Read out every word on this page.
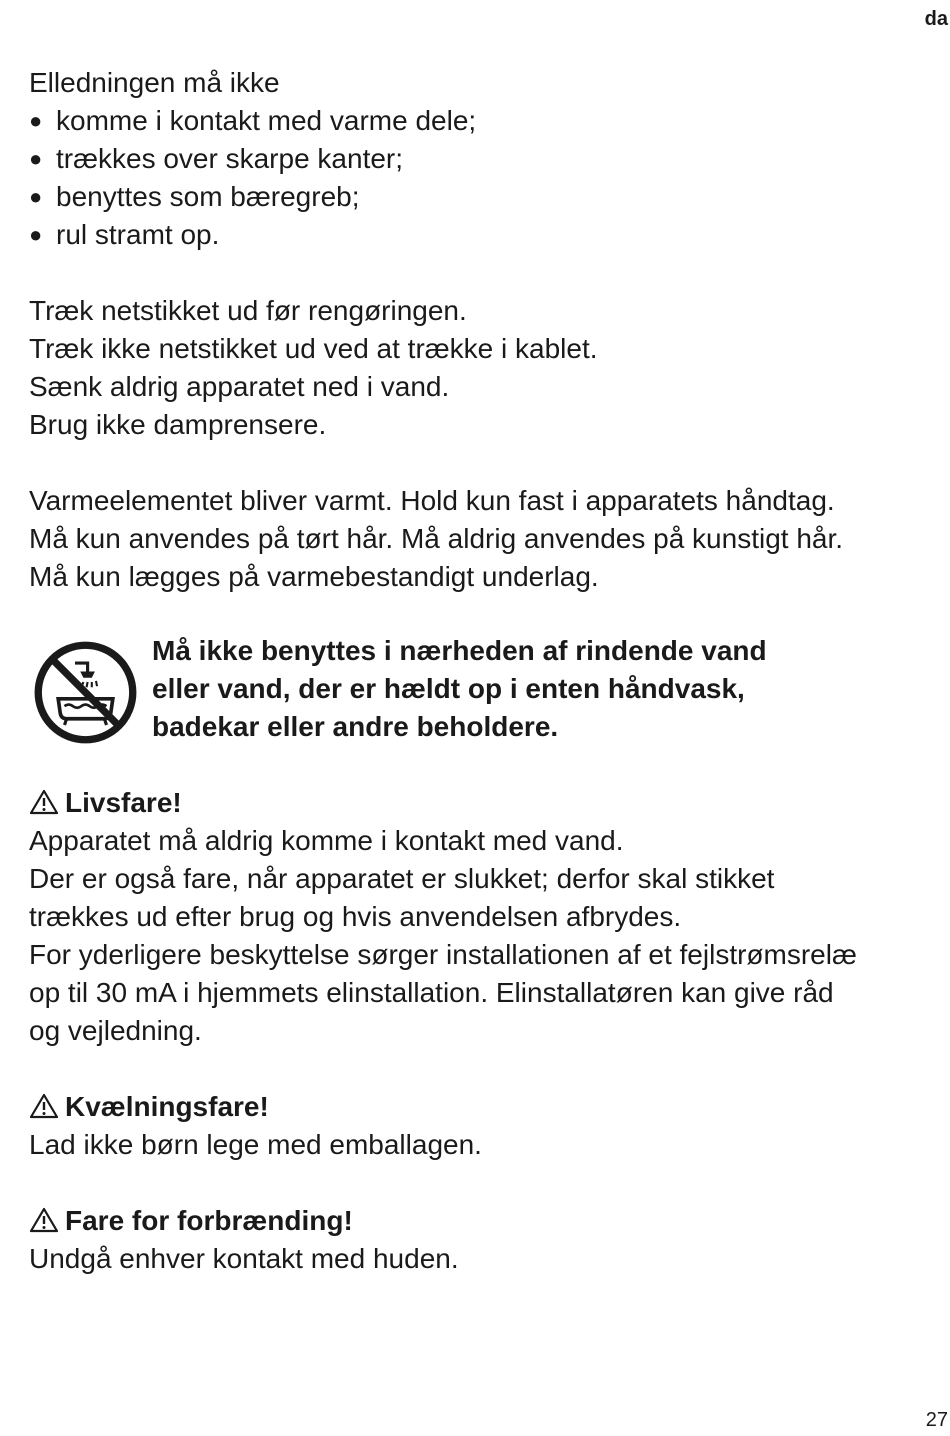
da
Elledningen må ikke
● komme i kontakt med varme dele;
● trækkes over skarpe kanter;
● benyttes som bæregreb;
● rul stramt op.
Træk netstikket ud før rengøringen.
Træk ikke netstikket ud ved at trække i kablet.
Sænk aldrig apparatet ned i vand.
Brug ikke damprensere.
Varmeelementet bliver varmt. Hold kun fast i apparatets håndtag.
Må kun anvendes på tørt hår. Må aldrig anvendes på kunstigt hår.
Må kun lægges på varmebestandigt underlag.
Må ikke benyttes i nærheden af rindende vand
eller vand, der er hældt op i enten håndvask,
badekar eller andre beholdere.
Livsfare!
Apparatet må aldrig komme i kontakt med vand.
Der er også fare, når apparatet er slukket; derfor skal stikket
trækkes ud efter brug og hvis anvendelsen afbrydes.
For yderligere beskyttelse sørger installationen af et fejlstrømsrelæ
op til 30 mA i hjemmets elinstallation. Elinstallatøren kan give råd
og vejledning.
Kvælningsfare!
Lad ikke børn lege med emballagen.
Fare for forbrænding!
Undgå enhver kontakt med huden.
27
